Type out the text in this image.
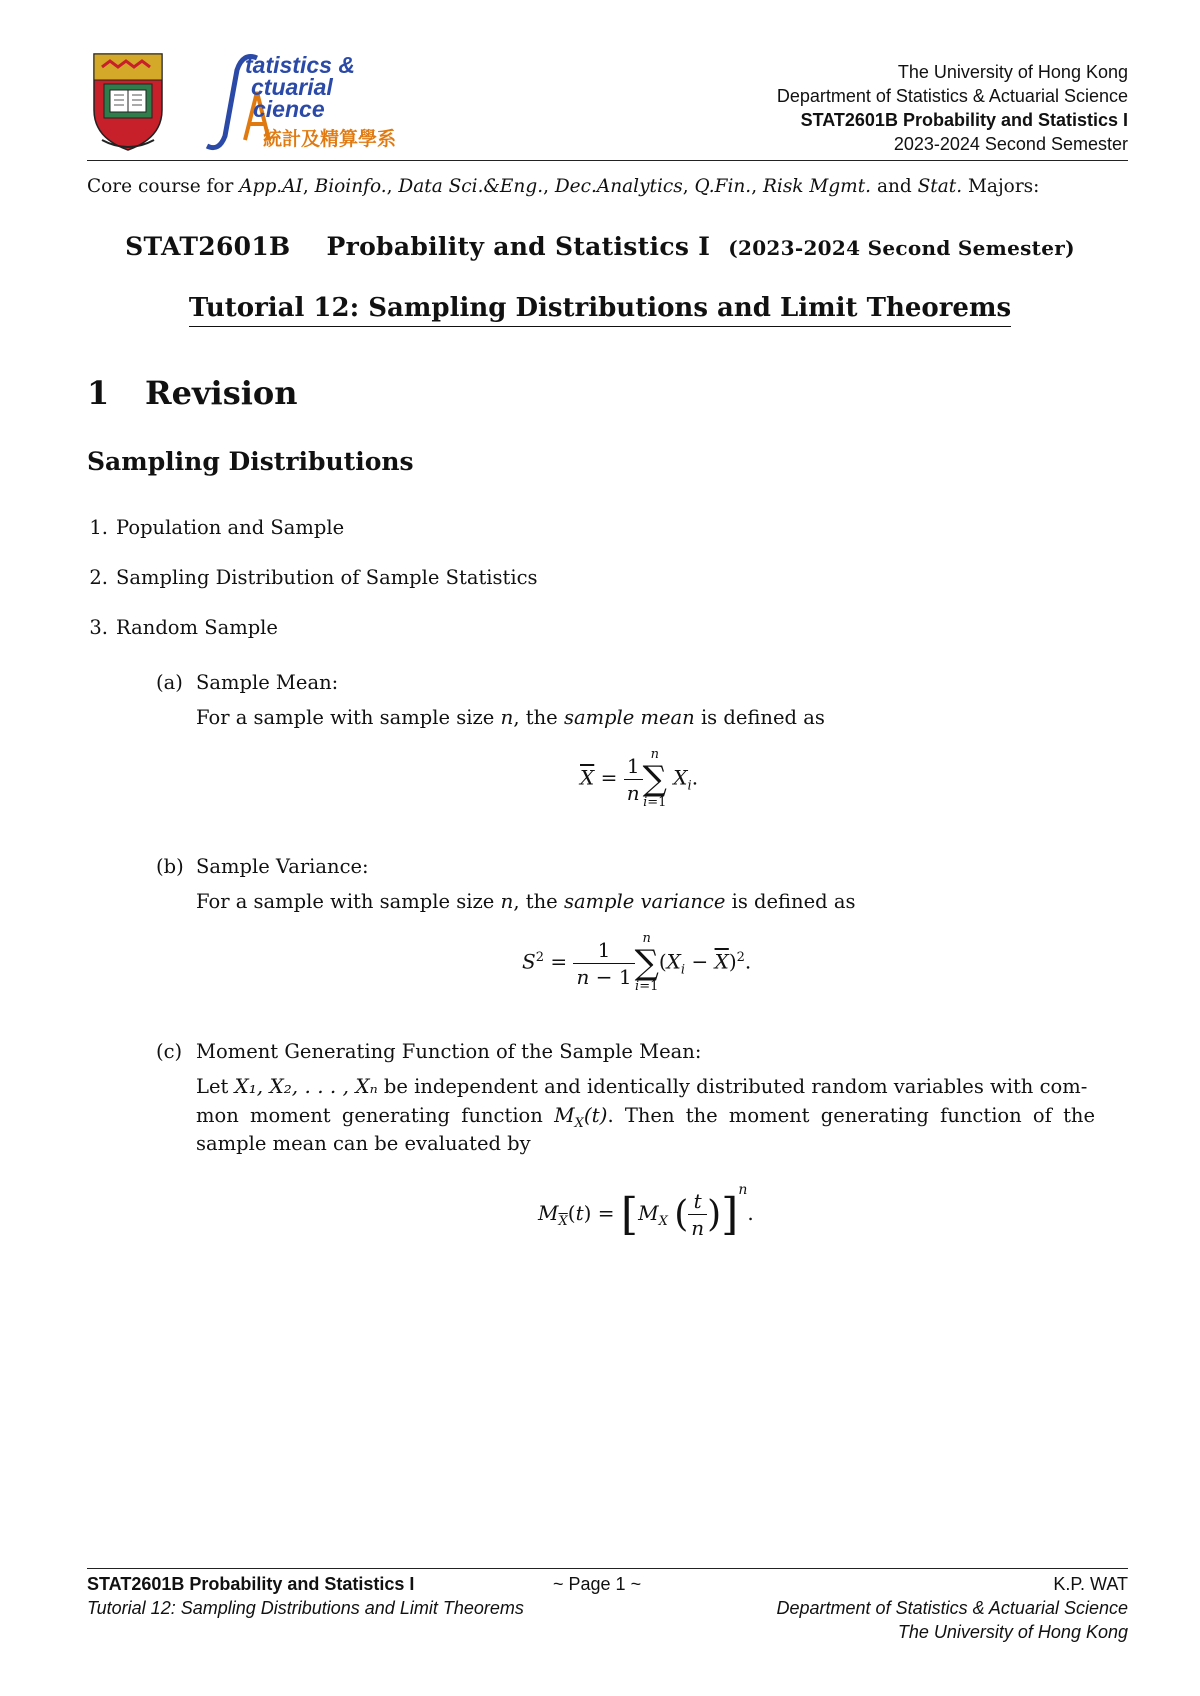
tatistics &
ctuarial
cience
統計及精算學系
The University of Hong Kong
Department of Statistics & Actuarial Science
STAT2601B Probability and Statistics I
2023-2024 Second Semester
Core course for App.AI, Bioinfo., Data Sci.&Eng., Dec.Analytics, Q.Fin., Risk Mgmt. and Stat. Majors:
STAT2601B Probability and Statistics I (2023-2024 Second Semester)
Tutorial 12: Sampling Distributions and Limit Theorems
1 Revision
Sampling Distributions
1. Population and Sample
2. Sampling Distribution of Sample Statistics
3. Random Sample
(a) Sample Mean:
For a sample with sample size n, the sample mean is defined as
$\overline{X} = \frac{1}{n}$ n
∑
i=1
$X_i$.
(b) Sample Variance:
For a sample with sample size n, the sample variance is defined as
$S^2 = \frac{1}{n - 1}$ n
∑
i=1
$(X_i - \overline{X})^2$.
(c) Moment Generating Function of the Sample Mean:
Let X₁, X₂, . . . , Xₙ be independent and identically distributed random variables with com-
mon moment generating function $M_X(t)$. Then the moment generating function of the
sample mean can be evaluated by
$M_{\overline{X}}(t) = [M_X$ ( $\frac{t}{n} )]^n$.
STAT2601B Probability and Statistics I	~ Page 1 ~	K.P. WAT
Tutorial 12: Sampling Distributions and Limit Theorems	Department of Statistics & Actuarial Science
The University of Hong Kong
